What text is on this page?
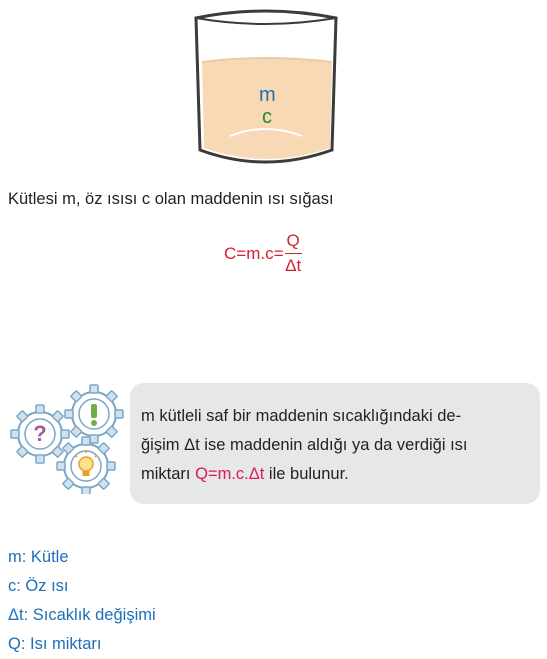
m
c
Kütlesi m, öz ısısı c olan maddenin ısı sığası
$C=m.c= \frac{Q}{\Delta t}$
?
m kütleli saf bir maddenin sıcaklığındaki de-
ğişim Δt ise maddenin aldığı ya da verdiği ısı
miktarı Q=m.c.Δt ile bulunur.
m: Kütle
c: Öz ısı
Δt: Sıcaklık değişimi
Q: Isı miktarı
